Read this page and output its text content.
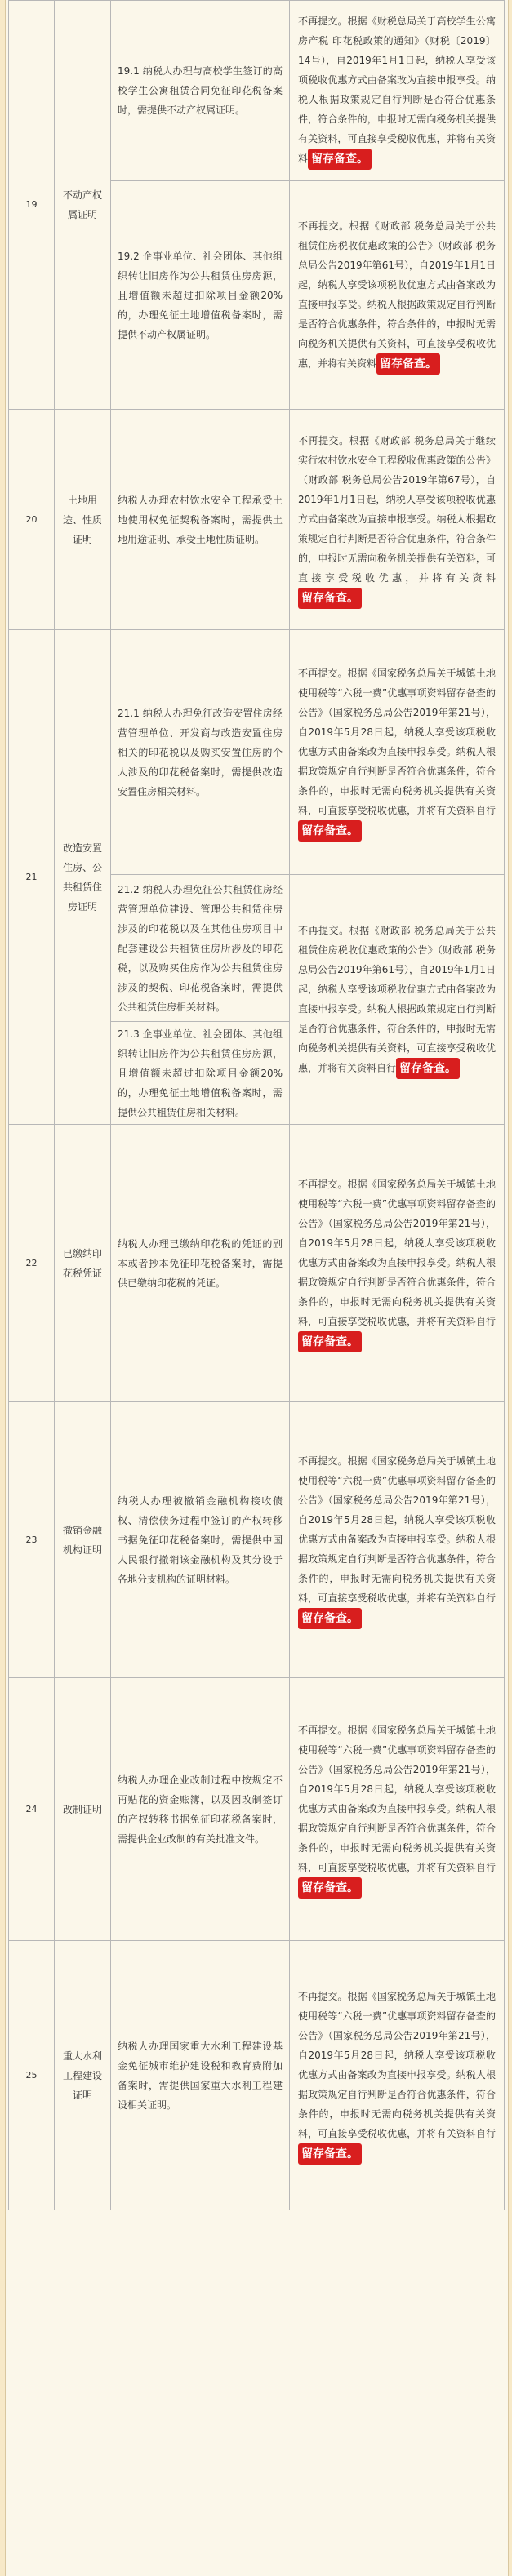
19	不动产权属证明	19.1 纳税人办理与高校学生签订的高校学生公寓租赁合同免征印花税备案时，需提供不动产权属证明。	不再提交。根据《财税总局关于高校学生公寓房产税 印花税政策的通知》（财税〔2019〕14号），自2019年1月1日起，纳税人享受该项税收优惠方式由备案改为直接申报享受。纳税人根据政策规定自行判断是否符合优惠条件，符合条件的，申报时无需向税务机关提供有关资料，可直接享受税收优惠，并将有关资料 留存备查。
		19.2 企事业单位、社会团体、其他组织转让旧房作为公共租赁住房房源，且增值额未超过扣除项目金额20%的，办理免征土地增值税备案时，需提供不动产权属证明。	不再提交。根据《财政部 税务总局关于公共租赁住房税收优惠政策的公告》（财政部 税务总局公告2019年第61号），自2019年1月1日起，纳税人享受该项税收优惠方式由备案改为直接申报享受。纳税人根据政策规定自行判断是否符合优惠条件，符合条件的，申报时无需向税务机关提供有关资料，可直接享受税收优惠，并将有关资料 留存备查。
20	土地用途、性质证明	纳税人办理农村饮水安全工程承受土地使用权免征契税备案时，需提供土地用途证明、承受土地性质证明。	不再提交。根据《财政部 税务总局关于继续实行农村饮水安全工程税收优惠政策的公告》（财政部 税务总局公告2019年第67号），自2019年1月1日起，纳税人享受该项税收优惠方式由备案改为直接申报享受。纳税人根据政策规定自行判断是否符合优惠条件，符合条件的，申报时无需向税务机关提供有关资料，可直接享受税收优惠，并将有关资料留存备查。
21	改造安置住房、公共租赁住房证明	21.1 纳税人办理免征改造安置住房经营管理单位、开发商与改造安置住房相关的印花税以及购买安置住房的个人涉及的印花税备案时，需提供改造安置住房相关材料。	不再提交。根据《国家税务总局关于城镇土地使用税等“六税一费”优惠事项资料留存备查的公告》（国家税务总局公告2019年第21号），自2019年5月28日起，纳税人享受该项税收优惠方式由备案改为直接申报享受。纳税人根据政策规定自行判断是否符合优惠条件，符合条件的，申报时无需向税务机关提供有关资料，可直接享受税收优惠，并将有关资料自行留存备查。
		21.2 纳税人办理免征公共租赁住房经营管理单位建设、管理公共租赁住房涉及的印花税以及在其他住房项目中配套建设公共租赁住房所涉及的印花税，以及购买住房作为公共租赁住房涉及的契税、印花税备案时，需提供公共租赁住房相关材料。	不再提交。根据《财政部 税务总局关于公共租赁住房税收优惠政策的公告》（财政部 税务总局公告2019年第61号），自2019年1月1日起，纳税人享受该项税收优惠方式由备案改为直接申报享受。纳税人根据政策规定自行判断是否符合优惠条件，符合条件的，申报时无需向税务机关提供有关资料，可直接享受税收优惠，并将有关资料自行 留存备查。
		21.3 企事业单位、社会团体、其他组织转让旧房作为公共租赁住房房源，且增值额未超过扣除项目金额20%的，办理免征土地增值税备案时，需提供公共租赁住房相关材料。	
22	已缴纳印花税凭证	纳税人办理已缴纳印花税的凭证的副本或者抄本免征印花税备案时，需提供已缴纳印花税的凭证。	不再提交。根据《国家税务总局关于城镇土地使用税等“六税一费”优惠事项资料留存备查的公告》（国家税务总局公告2019年第21号），自2019年5月28日起，纳税人享受该项税收优惠方式由备案改为直接申报享受。纳税人根据政策规定自行判断是否符合优惠条件，符合条件的，申报时无需向税务机关提供有关资料，可直接享受税收优惠，并将有关资料自行留存备查。
23	撤销金融机构证明	纳税人办理被撤销金融机构接收债权、清偿债务过程中签订的产权转移书据免征印花税备案时，需提供中国人民银行撤销该金融机构及其分设于各地分支机构的证明材料。	不再提交。根据《国家税务总局关于城镇土地使用税等“六税一费”优惠事项资料留存备查的公告》（国家税务总局公告2019年第21号），自2019年5月28日起，纳税人享受该项税收优惠方式由备案改为直接申报享受。纳税人根据政策规定自行判断是否符合优惠条件，符合条件的，申报时无需向税务机关提供有关资料，可直接享受税收优惠，并将有关资料自行留存备查。
24	改制证明	纳税人办理企业改制过程中按规定不再贴花的资金账簿，以及因改制签订的产权转移书据免征印花税备案时，需提供企业改制的有关批准文件。	不再提交。根据《国家税务总局关于城镇土地使用税等“六税一费”优惠事项资料留存备查的公告》（国家税务总局公告2019年第21号），自2019年5月28日起，纳税人享受该项税收优惠方式由备案改为直接申报享受。纳税人根据政策规定自行判断是否符合优惠条件，符合条件的，申报时无需向税务机关提供有关资料，可直接享受税收优惠，并将有关资料自行留存备查。
25	重大水利工程建设证明	纳税人办理国家重大水利工程建设基金免征城市维护建设税和教育费附加备案时，需提供国家重大水利工程建设相关证明。	不再提交。根据《国家税务总局关于城镇土地使用税等“六税一费”优惠事项资料留存备查的公告》（国家税务总局公告2019年第21号），自2019年5月28日起，纳税人享受该项税收优惠方式由备案改为直接申报享受。纳税人根据政策规定自行判断是否符合优惠条件，符合条件的，申报时无需向税务机关提供有关资料，可直接享受税收优惠，并将有关资料自行留存备查。
